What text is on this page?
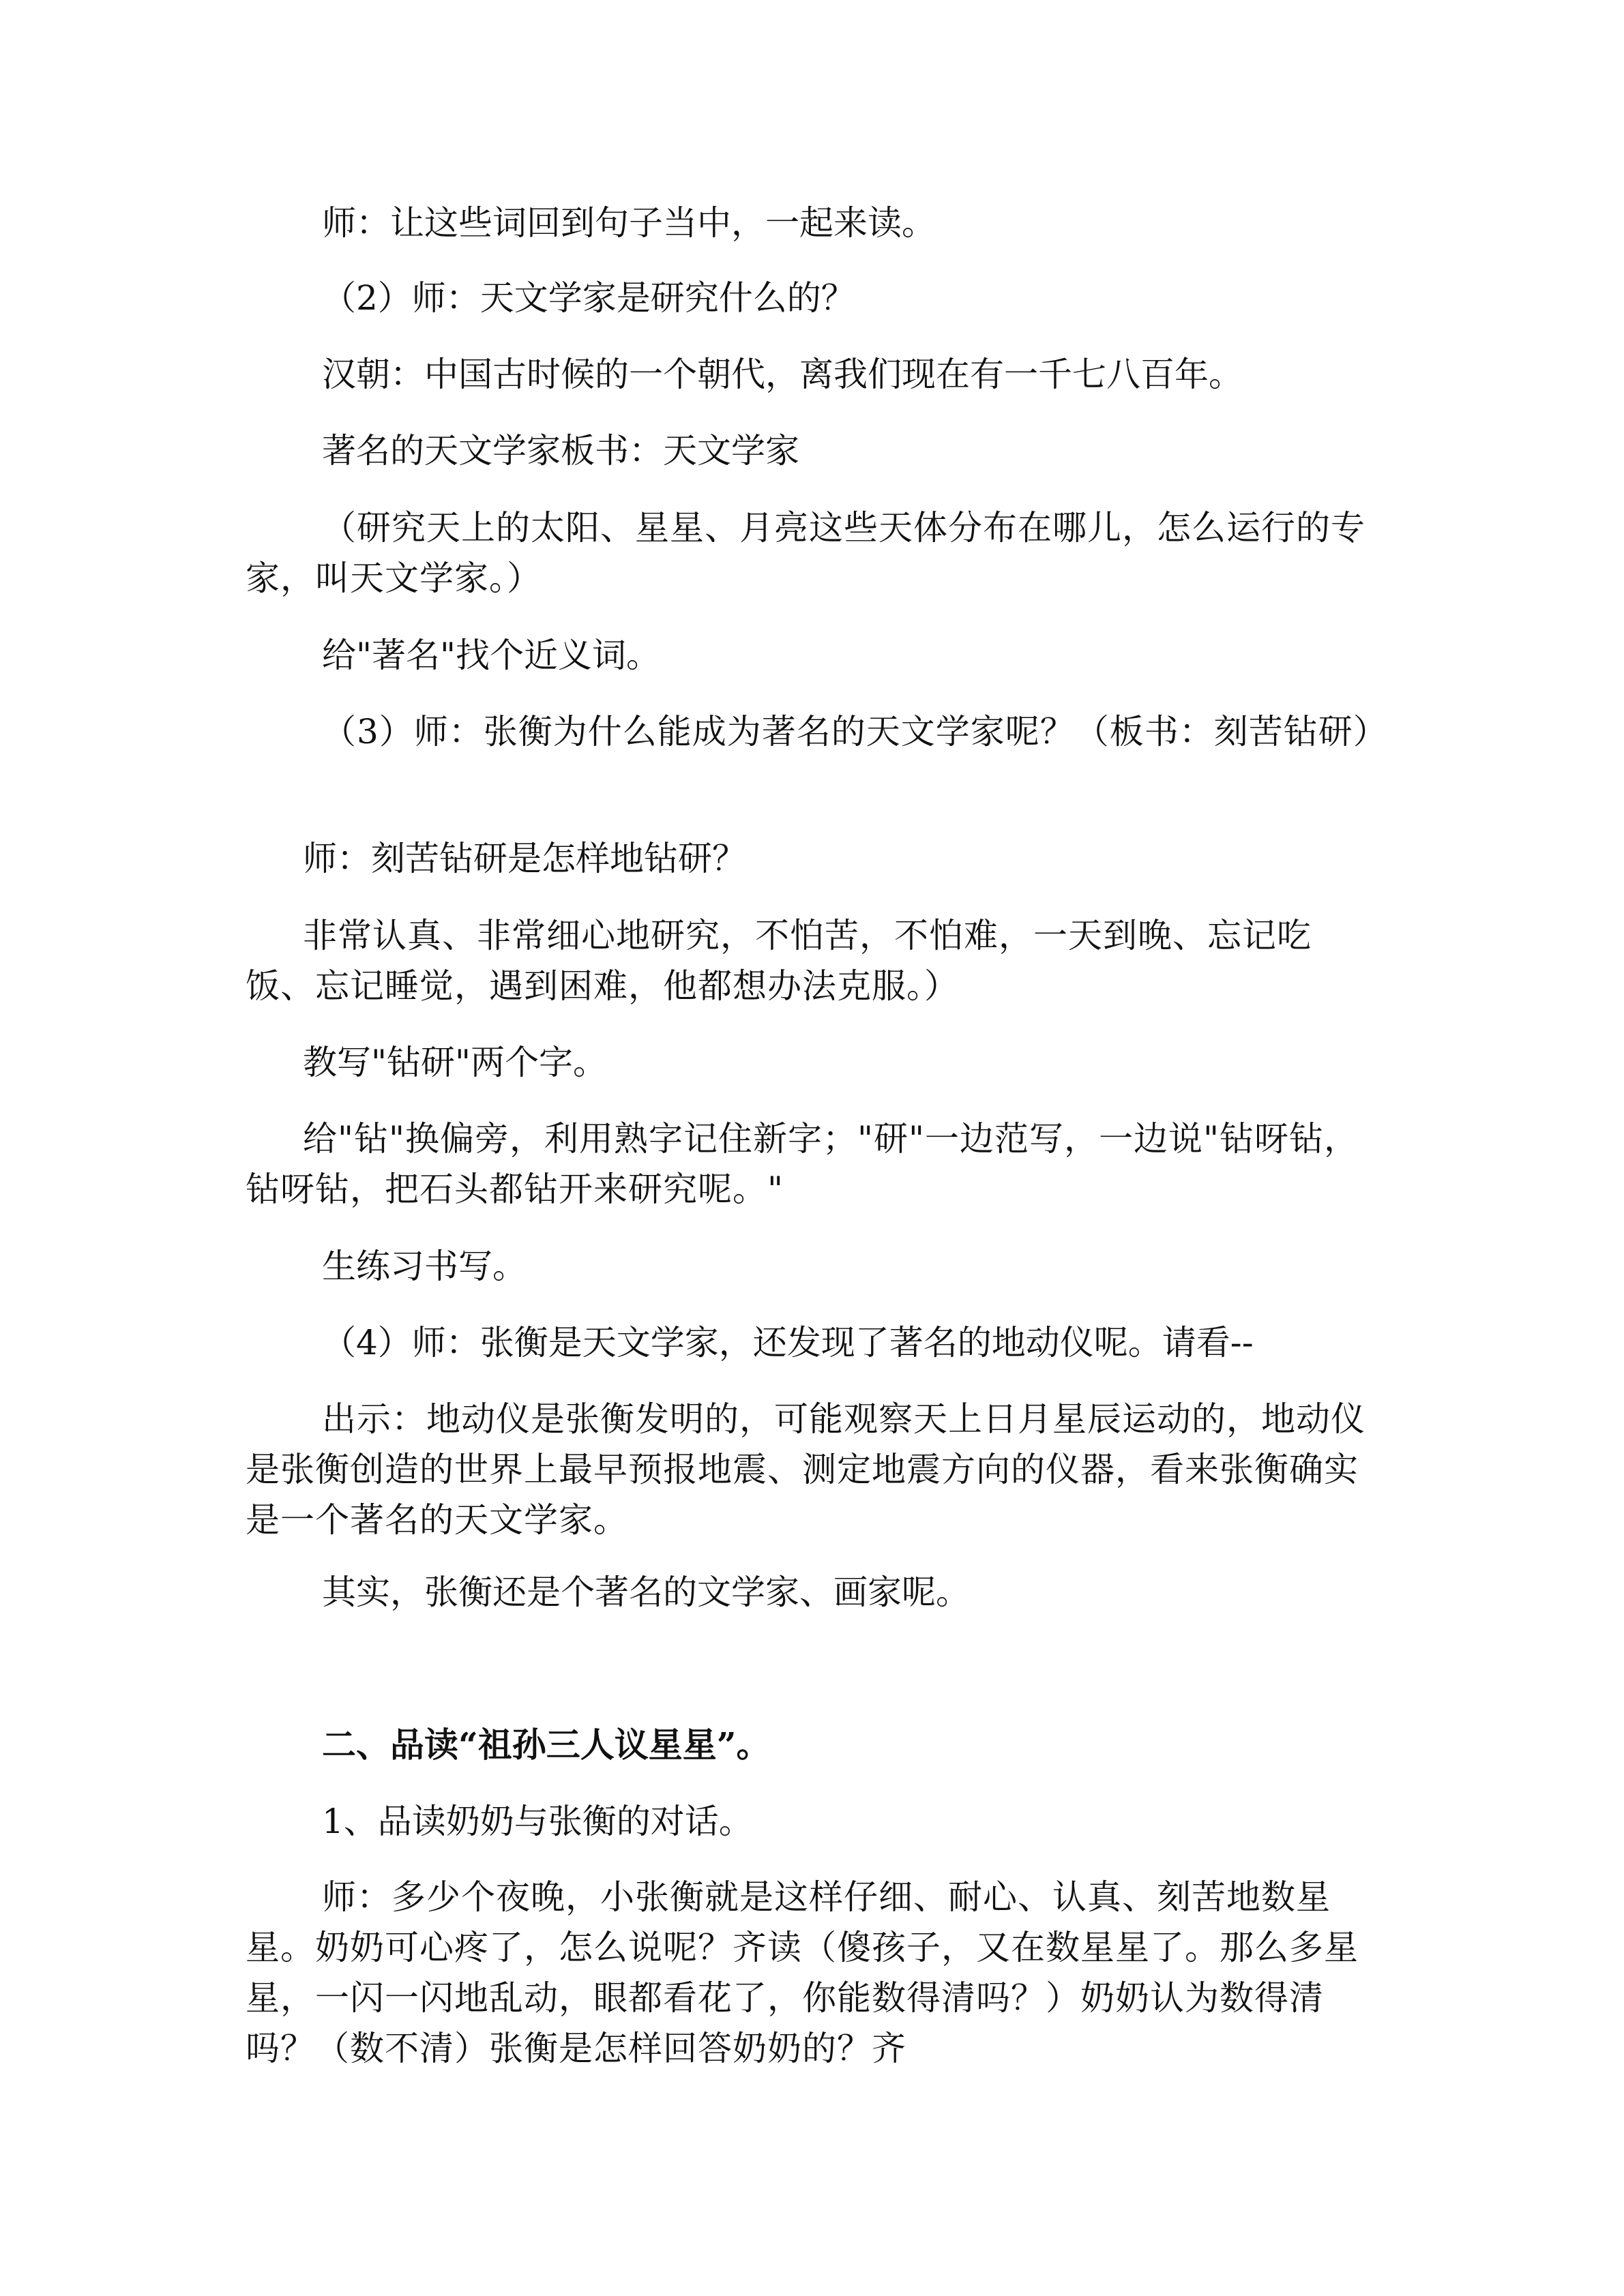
师：让这些词回到句子当中，一起来读。

（2）师：天文学家是研究什么的？

汉朝：中国古时候的一个朝代，离我们现在有一千七八百年。

著名的天文学家板书：天文学家

（研究天上的太阳、星星、月亮这些天体分布在哪儿，怎么运行的专家，叫天文学家。）

给"著名"找个近义词。

（3）师：张衡为什么能成为著名的天文学家呢？（板书：刻苦钻研）

师：刻苦钻研是怎样地钻研？

非常认真、非常细心地研究，不怕苦，不怕难，一天到晚、忘记吃饭、忘记睡觉，遇到困难，他都想办法克服。）

教写"钻研"两个字。

给"钻"换偏旁，利用熟字记住新字；"研"一边范写，一边说"钻呀钻，钻呀钻，把石头都钻开来研究呢。"

生练习书写。

（4）师：张衡是天文学家，还发现了著名的地动仪呢。请看--

出示：地动仪是张衡发明的，可能观察天上日月星辰运动的，地动仪是张衡创造的世界上最早预报地震、测定地震方向的仪器，看来张衡确实是一个著名的天文学家。

其实，张衡还是个著名的文学家、画家呢。

二、品读“祖孙三人议星星”。

1、品读奶奶与张衡的对话。

师：多少个夜晚，小张衡就是这样仔细、耐心、认真、刻苦地数星星。奶奶可心疼了，怎么说呢？齐读（傻孩子，又在数星星了。那么多星星，一闪一闪地乱动，眼都看花了，你能数得清吗？）奶奶认为数得清吗？（数不清）张衡是怎样回答奶奶的？齐
